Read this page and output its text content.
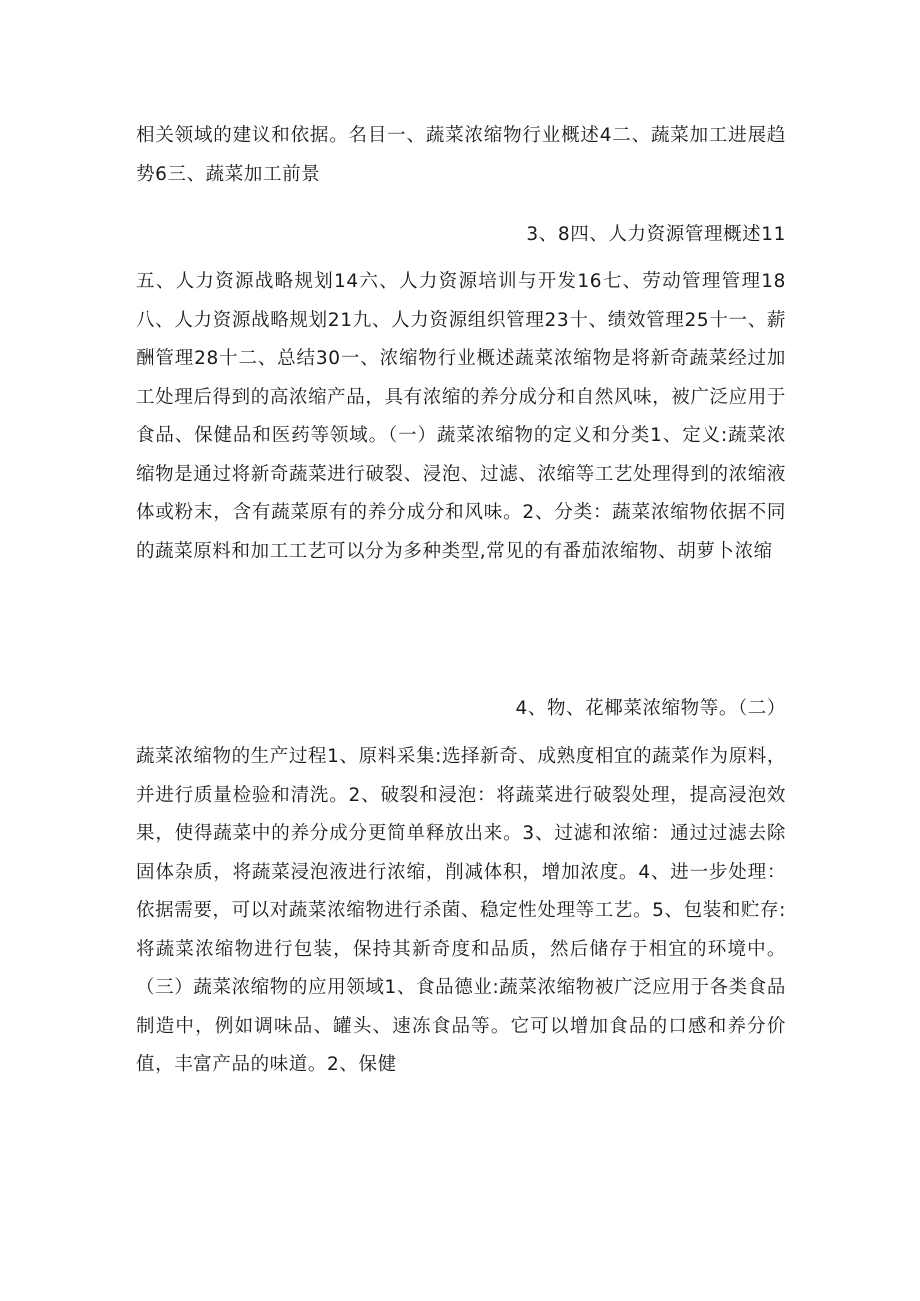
相关领域的建议和依据。名目一、蔬菜浓缩物行业概述4二、蔬菜加工进展趋势6三、蔬菜加工前景
3、8四、人力资源管理概述11
五、人力资源战略规划14六、人力资源培训与开发16七、劳动管理管理18八、人力资源战略规划21九、人力资源组织管理23十、绩效管理25十一、薪酬管理28十二、总结30一、浓缩物行业概述蔬菜浓缩物是将新奇蔬菜经过加工处理后得到的高浓缩产品，具有浓缩的养分成分和自然风味，被广泛应用于食品、保健品和医药等领域。（一）蔬菜浓缩物的定义和分类1、定义:蔬菜浓缩物是通过将新奇蔬菜进行破裂、浸泡、过滤、浓缩等工艺处理得到的浓缩液体或粉末，含有蔬菜原有的养分成分和风味。2、分类：蔬菜浓缩物依据不同的蔬菜原料和加工工艺可以分为多种类型,常见的有番茄浓缩物、胡萝卜浓缩
4、物、花椰菜浓缩物等。（二）
蔬菜浓缩物的生产过程1、原料采集:选择新奇、成熟度相宜的蔬菜作为原料，并进行质量检验和清洗。2、破裂和浸泡：将蔬菜进行破裂处理，提高浸泡效果，使得蔬菜中的养分成分更简单释放出来。3、过滤和浓缩：通过过滤去除固体杂质，将蔬菜浸泡液进行浓缩，削减体积，增加浓度。4、进一步处理：依据需要，可以对蔬菜浓缩物进行杀菌、稳定性处理等工艺。5、包装和贮存:将蔬菜浓缩物进行包装，保持其新奇度和品质，然后储存于相宜的环境中。（三）蔬菜浓缩物的应用领域1、食品德业:蔬菜浓缩物被广泛应用于各类食品制造中，例如调味品、罐头、速冻食品等。它可以增加食品的口感和养分价值，丰富产品的味道。2、保健
